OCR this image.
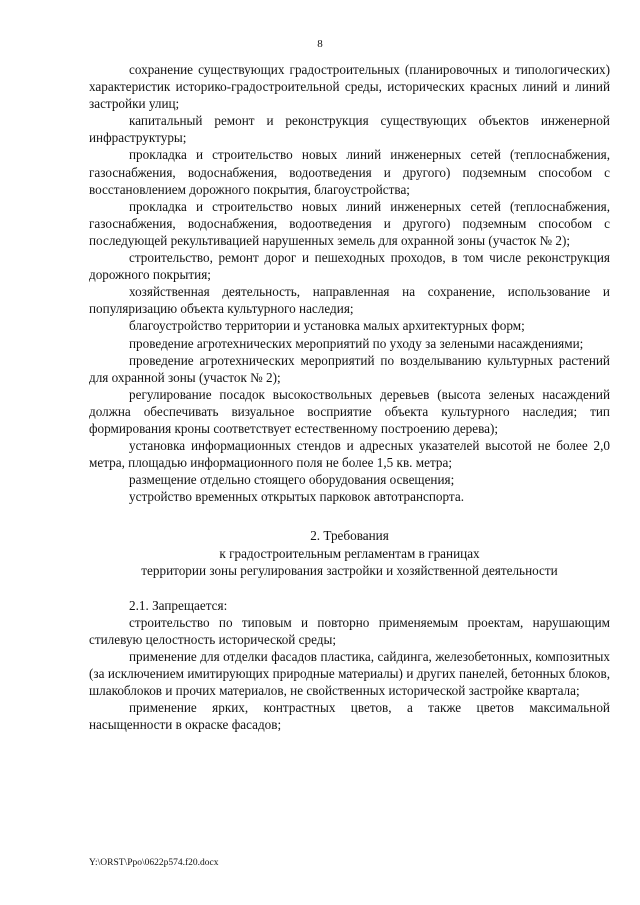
8

сохранение существующих градостроительных (планировочных и типологических) характеристик историко-градостроительной среды, исторических красных линий и линий застройки улиц;

капитальный ремонт и реконструкция существующих объектов инженерной инфраструктуры;

прокладка и строительство новых линий инженерных сетей (теплоснабжения, газоснабжения, водоснабжения, водоотведения и другого) подземным способом с восстановлением дорожного покрытия, благоустройства;

прокладка и строительство новых линий инженерных сетей (теплоснабжения, газоснабжения, водоснабжения, водоотведения и другого) подземным способом с последующей рекультивацией нарушенных земель для охранной зоны (участок № 2);

строительство, ремонт дорог и пешеходных проходов, в том числе реконструкция дорожного покрытия;

хозяйственная деятельность, направленная на сохранение, использование и популяризацию объекта культурного наследия;

благоустройство территории и установка малых архитектурных форм;

проведение агротехнических мероприятий по уходу за зелеными насаждениями;

проведение агротехнических мероприятий по возделыванию культурных растений для охранной зоны (участок № 2);

регулирование посадок высокоствольных деревьев (высота зеленых насаждений должна обеспечивать визуальное восприятие объекта культурного наследия; тип формирования кроны соответствует естественному построению дерева);

установка информационных стендов и адресных указателей высотой не более 2,0 метра, площадью информационного поля не более 1,5 кв. метра;

размещение отдельно стоящего оборудования освещения;

устройство временных открытых парковок автотранспорта.

2. Требования
к градостроительным регламентам в границах
территории зоны регулирования застройки и хозяйственной деятельности

2.1. Запрещается:

строительство по типовым и повторно применяемым проектам, нарушающим стилевую целостность исторической среды;

применение для отделки фасадов пластика, сайдинга, железобетонных, композитных (за исключением имитирующих природные материалы) и других панелей, бетонных блоков, шлакоблоков и прочих материалов, не свойственных исторической застройке квартала;

применение ярких, контрастных цветов, а также цветов максимальной насыщенности в окраске фасадов;

Y:\ORST\Ppo\0622p574.f20.docx
